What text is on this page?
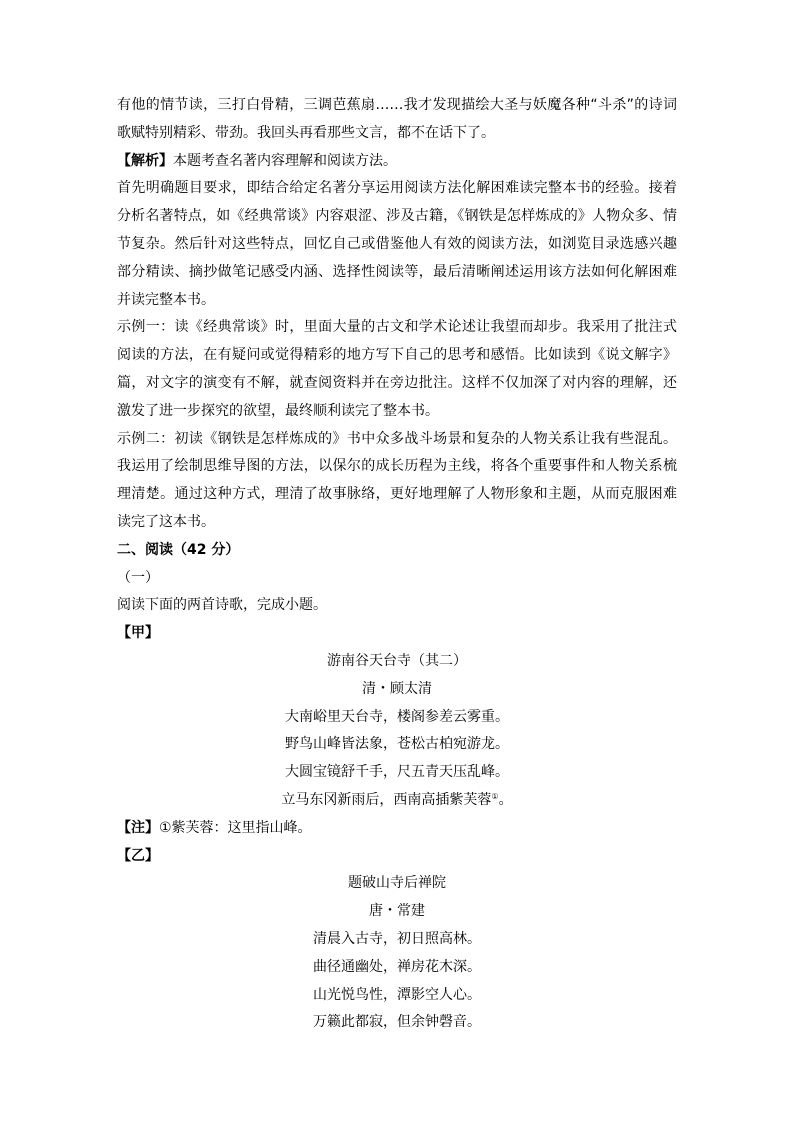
有他的情节读，三打白骨精，三调芭蕉扇……我才发现描绘大圣与妖魔各种“斗杀”的诗词

歌赋特别精彩、带劲。我回头再看那些文言，都不在话下了。

【解析】本题考查名著内容理解和阅读方法。

首先明确题目要求，即结合给定名著分享运用阅读方法化解困难读完整本书的经验。接着

分析名著特点，如《经典常谈》内容艰涩、涉及古籍，《钢铁是怎样炼成的》人物众多、情

节复杂。然后针对这些特点，回忆自己或借鉴他人有效的阅读方法，如浏览目录选感兴趣

部分精读、摘抄做笔记感受内涵、选择性阅读等，最后清晰阐述运用该方法如何化解困难

并读完整本书。

示例一：读《经典常谈》时，里面大量的古文和学术论述让我望而却步。我采用了批注式

阅读的方法，在有疑问或觉得精彩的地方写下自己的思考和感悟。比如读到《说文解字》

篇，对文字的演变有不解，就查阅资料并在旁边批注。这样不仅加深了对内容的理解，还

激发了进一步探究的欲望，最终顺利读完了整本书。

示例二：初读《钢铁是怎样炼成的》书中众多战斗场景和复杂的人物关系让我有些混乱。

我运用了绘制思维导图的方法，以保尔的成长历程为主线，将各个重要事件和人物关系梳

理清楚。通过这种方式，理清了故事脉络，更好地理解了人物形象和主题，从而克服困难

读完了这本书。

二、阅读（42 分）

（一）

阅读下面的两首诗歌，完成小题。

【甲】

游南谷天台寺（其二）

清・顾太清

大南峪里天台寺，楼阁参差云雾重。

野鸟山峰皆法象，苍松古柏宛游龙。

大圆宝镜舒千手，尺五青天压乱峰。

立马东冈新雨后，西南高插紫芙蓉①。

【注】①紫芙蓉：这里指山峰。

【乙】

题破山寺后禅院

唐・常建

清晨入古寺，初日照高林。

曲径通幽处，禅房花木深。

山光悦鸟性，潭影空人心。

万籁此都寂，但余钟磬音。
